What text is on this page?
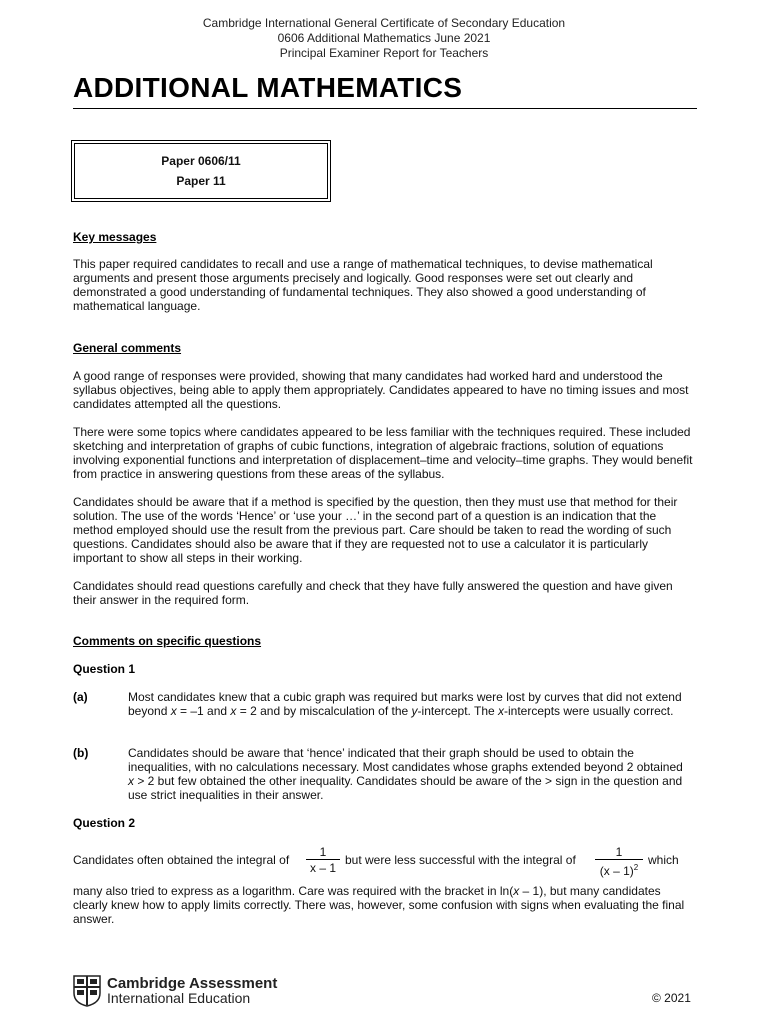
Cambridge International General Certificate of Secondary Education
0606 Additional Mathematics June 2021
Principal Examiner Report for Teachers
ADDITIONAL MATHEMATICS
Paper 0606/11
Paper 11
Key messages
This paper required candidates to recall and use a range of mathematical techniques, to devise mathematical arguments and present those arguments precisely and logically. Good responses were set out clearly and demonstrated a good understanding of fundamental techniques. They also showed a good understanding of mathematical language.
General comments
A good range of responses were provided, showing that many candidates had worked hard and understood the syllabus objectives, being able to apply them appropriately. Candidates appeared to have no timing issues and most candidates attempted all the questions.
There were some topics where candidates appeared to be less familiar with the techniques required. These included sketching and interpretation of graphs of cubic functions, integration of algebraic fractions, solution of equations involving exponential functions and interpretation of displacement–time and velocity–time graphs. They would benefit from practice in answering questions from these areas of the syllabus.
Candidates should be aware that if a method is specified by the question, then they must use that method for their solution. The use of the words ‘Hence’ or ‘use your …’ in the second part of a question is an indication that the method employed should use the result from the previous part. Care should be taken to read the wording of such questions. Candidates should also be aware that if they are requested not to use a calculator it is particularly important to show all steps in their working.
Candidates should read questions carefully and check that they have fully answered the question and have given their answer in the required form.
Comments on specific questions
Question 1
(a)	Most candidates knew that a cubic graph was required but marks were lost by curves that did not extend beyond x = –1 and x = 2 and by miscalculation of the y-intercept. The x-intercepts were usually correct.
(b)	Candidates should be aware that ‘hence’ indicated that their graph should be used to obtain the inequalities, with no calculations necessary. Most candidates whose graphs extended beyond 2 obtained x > 2 but few obtained the other inequality. Candidates should be aware of the > sign in the question and use strict inequalities in their answer.
Question 2
Candidates often obtained the integral of $\frac{1}{x - 1}$ but were less successful with the integral of $\frac{1}{(x - 1)^2}$ which
many also tried to express as a logarithm. Care was required with the bracket in ln(x – 1), but many candidates clearly knew how to apply limits correctly. There was, however, some confusion with signs when evaluating the final answer.
Cambridge Assessment
International Education	© 2021
